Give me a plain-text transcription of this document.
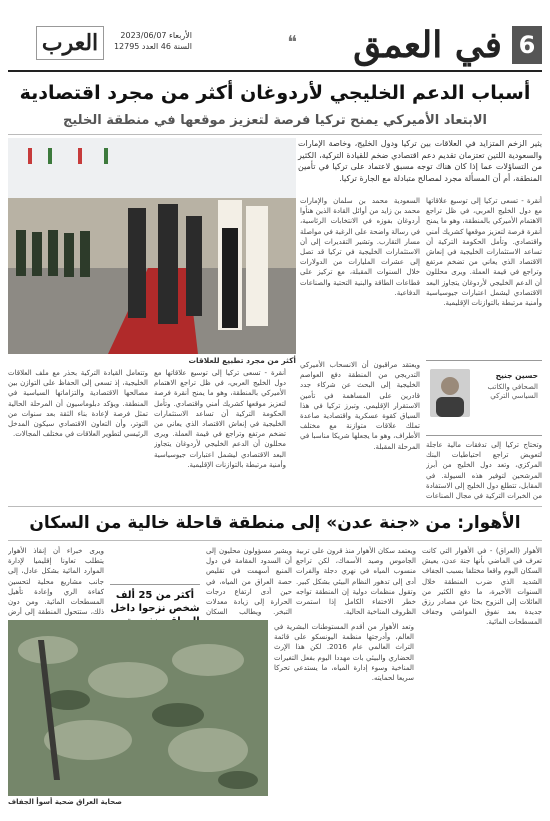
6
في العمق
❝
العرب	الأربعاء 2023/06/07
السنة 46 العدد 12795
أسباب الدعم الخليجي لأردوغان أكثر من مجرد اقتصادية
الابتعاد الأميركي يمنح تركيا فرصة لتعزيز موقعها في منطقة الخليج
يثير الزخم المتزايد في العلاقات بين تركيا ودول الخليج، وخاصة الإمارات والسعودية اللتين تعتزمان تقديم دعم اقتصادي ضخم للقيادة التركية، الكثير من التساؤلات عما إذا كان هناك توجه مسبق لاعتماد على تركيا في تأمين المنطقة، أم أن المسألة مجرد لمصالح متبادلة مع الجارة تركيا.
أكثر من مجرد تطبيع للعلاقات
أنقرة - تسعى تركيا إلى توسيع علاقاتها مع دول الخليج العربي، في ظل تراجع الاهتمام الأميركي بالمنطقة، وهو ما يمنح أنقرة فرصة لتعزيز موقعها كشريك أمني واقتصادي. وتأمل الحكومة التركية أن تساعد الاستثمارات الخليجية في إنعاش الاقتصاد الذي يعاني من تضخم مرتفع وتراجع في قيمة العملة. ويرى محللون أن الدعم الخليجي لأردوغان يتجاوز البعد الاقتصادي ليشمل اعتبارات جيوسياسية وأمنية مرتبطة بالتوازنات الإقليمية.
السعودية محمد بن سلمان والإمارات محمد بن زايد من أوائل القادة الذين هنأوا أردوغان بفوزه في الانتخابات الرئاسية، في رسالة واضحة على الرغبة في مواصلة مسار التقارب. وتشير التقديرات إلى أن الاستثمارات الخليجية في تركيا قد تصل إلى عشرات المليارات من الدولارات خلال السنوات المقبلة، مع تركيز على قطاعات الطاقة والبنية التحتية والصناعات الدفاعية.
حسين جنيح
الصحافي والكاتب السياسي التركي
وتحتاج تركيا إلى تدفقات مالية عاجلة لتعويض تراجع احتياطيات البنك المركزي، وتعد دول الخليج من أبرز المرشحين لتوفير هذه السيولة. في المقابل، تتطلع دول الخليج إلى الاستفادة من الخبرات التركية في مجال الصناعات
ويعتقد مراقبون أن الانسحاب الأميركي التدريجي من المنطقة دفع العواصم الخليجية إلى البحث عن شركاء جدد قادرين على المساهمة في تأمين الاستقرار الإقليمي. وتبرز تركيا في هذا السياق كقوة عسكرية واقتصادية صاعدة تملك علاقات متوازنة مع مختلف الأطراف، وهو ما يجعلها شريكا مناسبا في المرحلة المقبلة.
وتتعامل القيادة التركية بحذر مع ملف العلاقات الخليجية، إذ تسعى إلى الحفاظ على التوازن بين مصالحها الاقتصادية والتزاماتها السياسية في المنطقة. ويؤكد دبلوماسيون أن المرحلة الحالية تمثل فرصة لإعادة بناء الثقة بعد سنوات من التوتر، وأن التعاون الاقتصادي سيكون المدخل الرئيسي لتطوير العلاقات في مختلف المجالات.
أنقرة - تسعى تركيا إلى توسيع علاقاتها مع دول الخليج العربي، في ظل تراجع الاهتمام الأميركي بالمنطقة، وهو ما يمنح أنقرة فرصة لتعزيز موقعها كشريك أمني واقتصادي. وتأمل الحكومة التركية أن تساعد الاستثمارات الخليجية في إنعاش الاقتصاد الذي يعاني من تضخم مرتفع وتراجع في قيمة العملة. ويرى محللون أن الدعم الخليجي لأردوغان يتجاوز البعد الاقتصادي ليشمل اعتبارات جيوسياسية وأمنية مرتبطة بالتوازنات الإقليمية.
الأهوار: من «جنة عدن» إلى منطقة قاحلة خالية من السكان
الأهوار (العراق) - في الأهوار التي كانت تعرف في الماضي بأنها جنة عدن، يعيش السكان اليوم واقعا مختلفا بسبب الجفاف الشديد الذي ضرب المنطقة خلال السنوات الأخيرة، ما دفع الكثير من العائلات إلى النزوح بحثا عن مصادر رزق جديدة بعد نفوق المواشي وجفاف المسطحات المائية.
ويعتمد سكان الأهوار منذ قرون على تربية الجاموس وصيد الأسماك، لكن تراجع منسوب المياه في نهري دجلة والفرات أدى إلى تدهور النظام البيئي بشكل كبير. وتقول منظمات دولية إن المنطقة تواجه خطر الاختفاء الكامل إذا استمرت الظروف المناخية الحالية.
ويشير مسؤولون محليون إلى أن السدود المقامة في دول المنبع أسهمت في تقليص حصة العراق من المياه، في حين أدى ارتفاع درجات الحرارة إلى زيادة معدلات التبخر. ويطالب السكان
ويرى خبراء أن إنقاذ الأهوار يتطلب تعاونا إقليميا لإدارة الموارد المائية بشكل عادل، إلى جانب مشاريع محلية لتحسين كفاءة الري وإعادة تأهيل المسطحات المائية. ومن دون ذلك، ستتحول المنطقة إلى أرض
أكثر من 25 ألف شخص نزحوا داخل
وتعد الأهوار من أقدم المستوطنات البشرية في العالم، وأدرجتها منظمة اليونسكو على قائمة التراث العالمي عام 2016. لكن هذا الإرث الحضاري والبيئي بات مهددا اليوم بفعل التغيرات المناخية وسوء إدارة المياه، ما يستدعي تحركا سريعا لحمايته.
صحاية العراق ضحية أسوأ الجفاف
